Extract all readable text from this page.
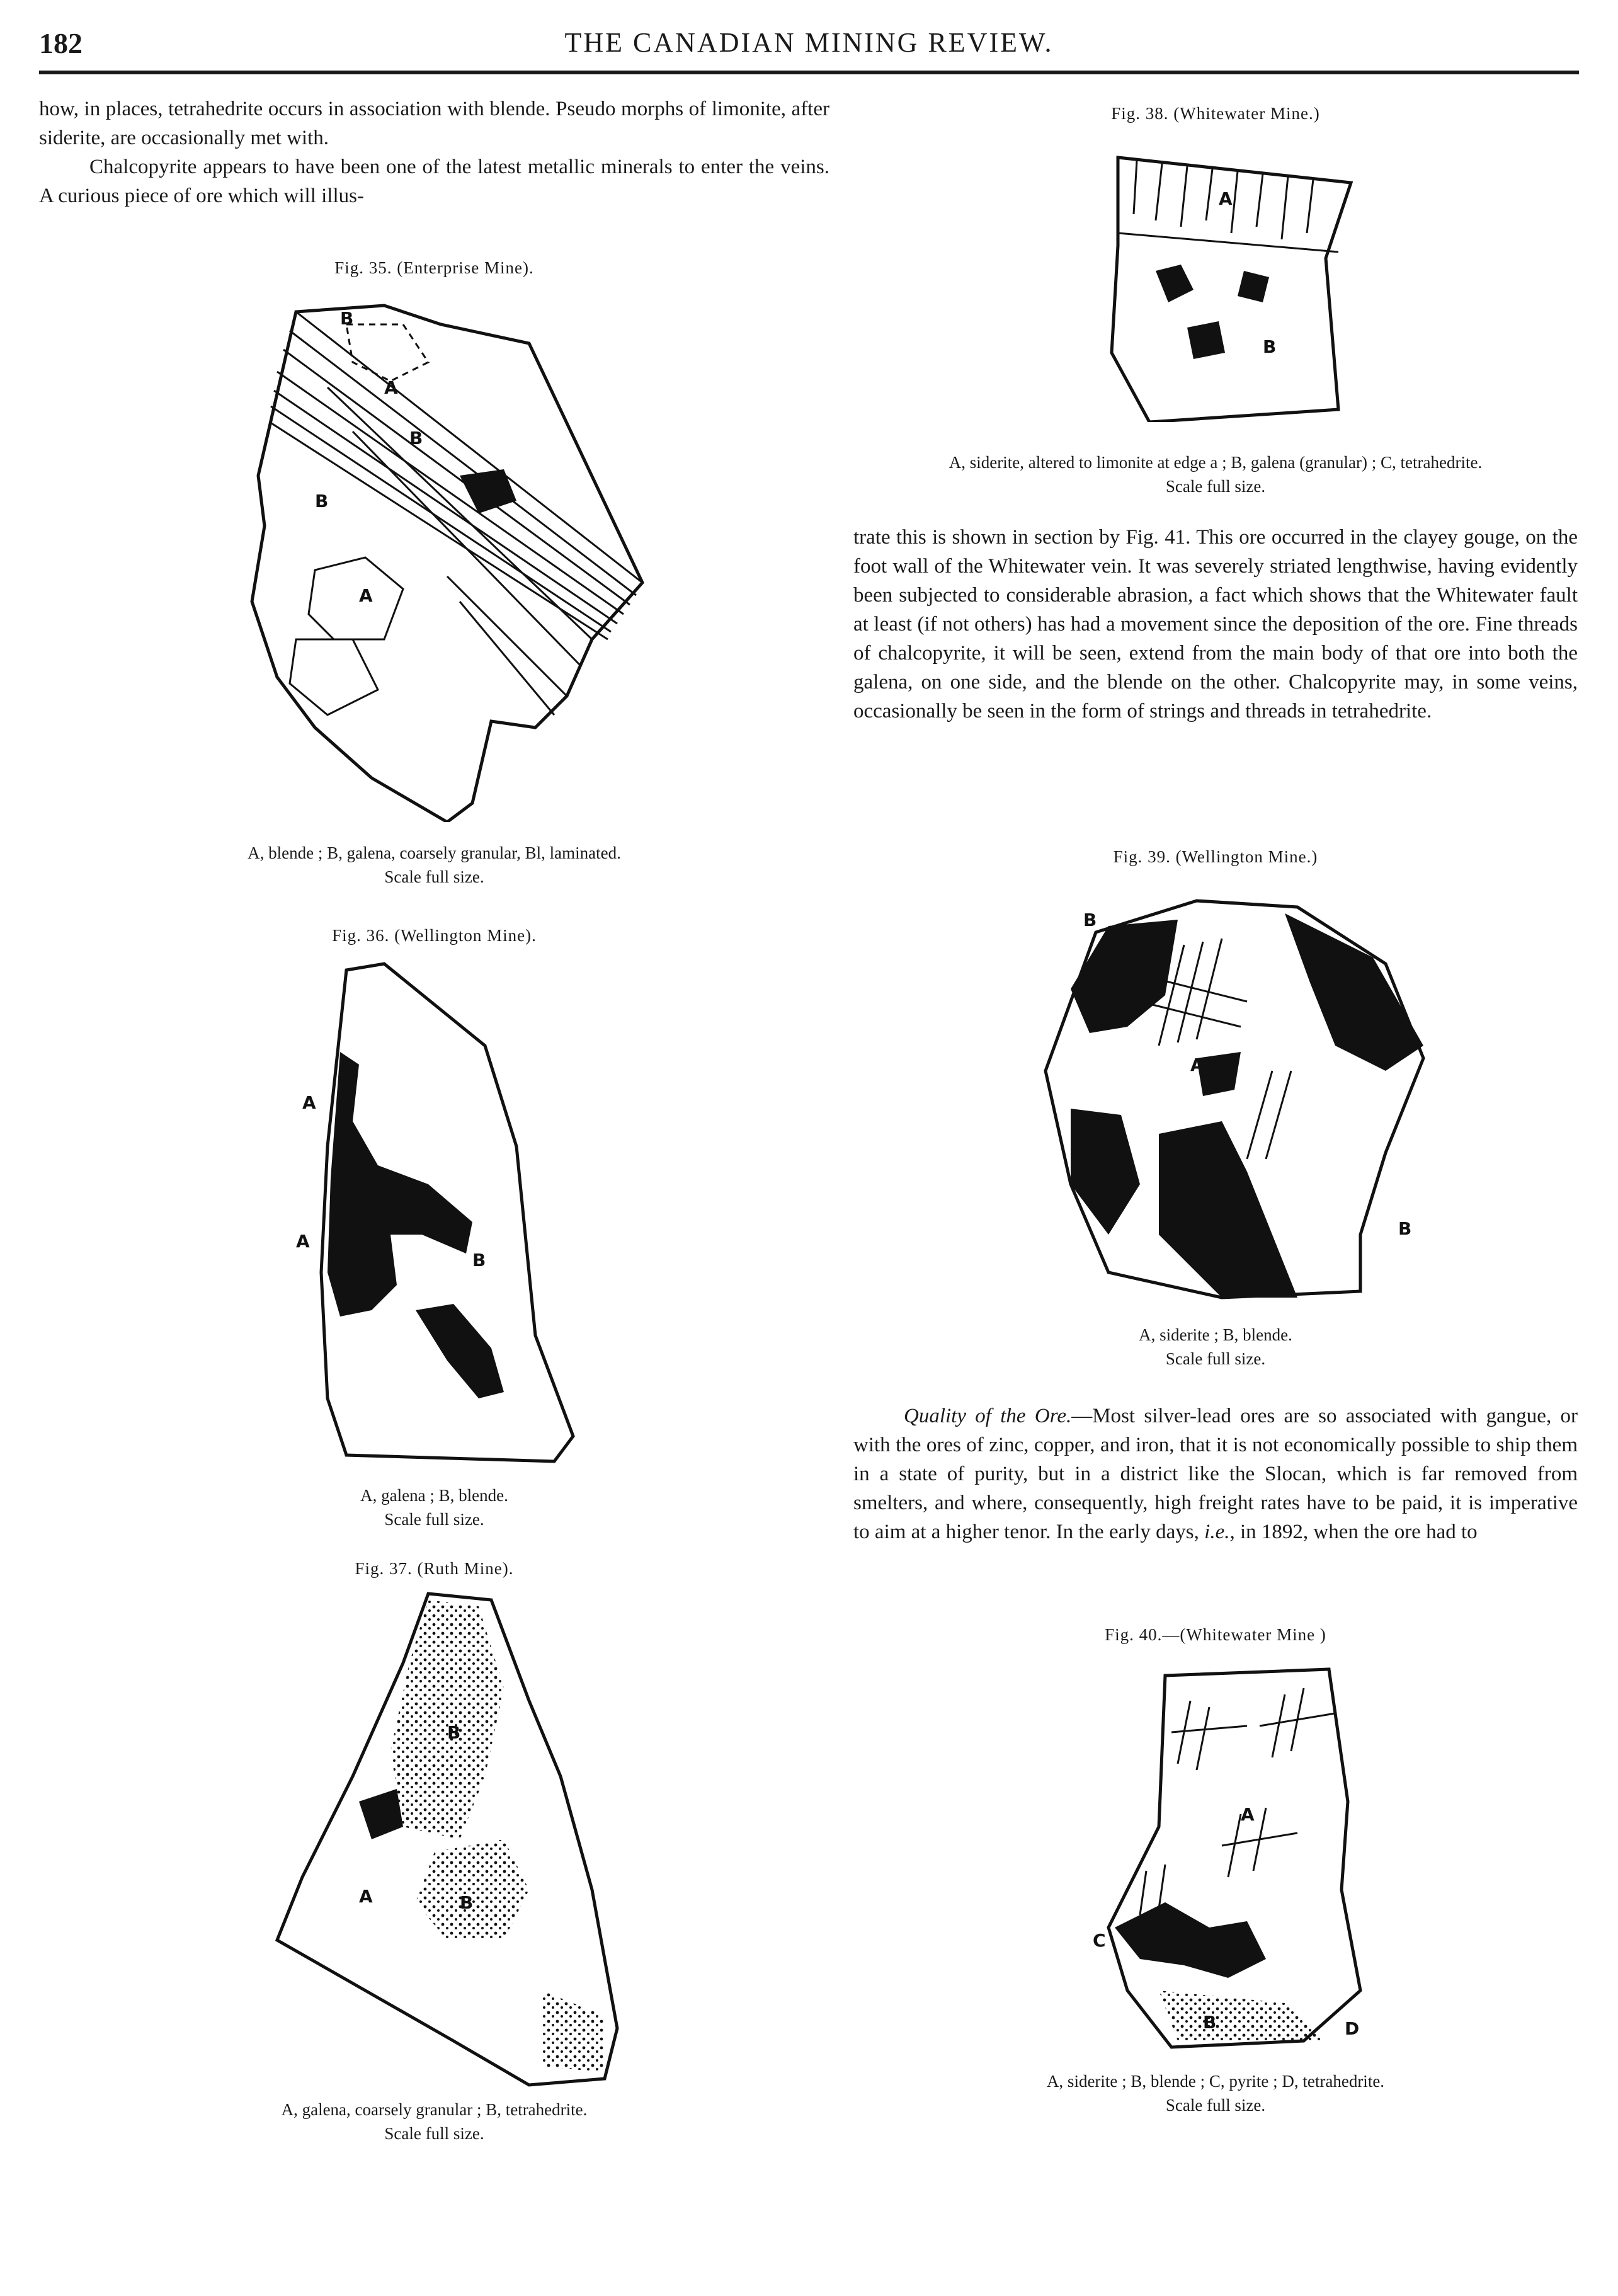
182	THE CANADIAN MINING REVIEW.

how, in places, tetrahedrite occurs in association with blende. Pseudo morphs of limonite, after siderite, are occasionally met with.

Chalcopyrite appears to have been one of the latest metallic minerals to enter the veins. A curious piece of ore which will illus-

Fig. 35. (Enterprise Mine).
A
A
A
B
B
B
A, blende ; B, galena, coarsely granular, Bl, laminated.
Scale full size.
Fig. 36. (Wellington Mine).
A
A
B
A, galena ; B, blende.
Scale full size.
Fig. 37. (Ruth Mine).
B
A	B
A, galena, coarsely granular ; B, tetrahedrite.
Scale full size.
Fig. 38. (Whitewater Mine.)
A
B
A, siderite, altered to limonite at edge a ; B, galena (granular) ; C, tetrahedrite.
Scale full size.

trate this is shown in section by Fig. 41. This ore occurred in the clayey gouge, on the foot wall of the Whitewater vein. It was severely striated lengthwise, having evidently been subjected to considerable abrasion, a fact which shows that the Whitewater fault at least (if not others) has had a movement since the deposition of the ore. Fine threads of chalcopyrite, it will be seen, extend from the main body of that ore into both the galena, on one side, and the blende on the other. Chalcopyrite may, in some veins, occasionally be seen in the form of strings and threads in tetrahedrite.

Fig. 39. (Wellington Mine.)
B
A
B
A, siderite ; B, blende.
Scale full size.
Quality of the Ore.—Most silver-lead ores are so associated with gangue, or with the ores of zinc, copper, and iron, that it is not economically possible to ship them in a state of purity, but in a district like the Slocan, which is far removed from smelters, and where, consequently, high freight rates have to be paid, it is imperative to aim at a higher tenor. In the early days, i.e., in 1892, when the ore had to
Fig. 40.—(Whitewater Mine )
A
C
B	D
A, siderite ; B, blende ; C, pyrite ; D, tetrahedrite.
Scale full size.
